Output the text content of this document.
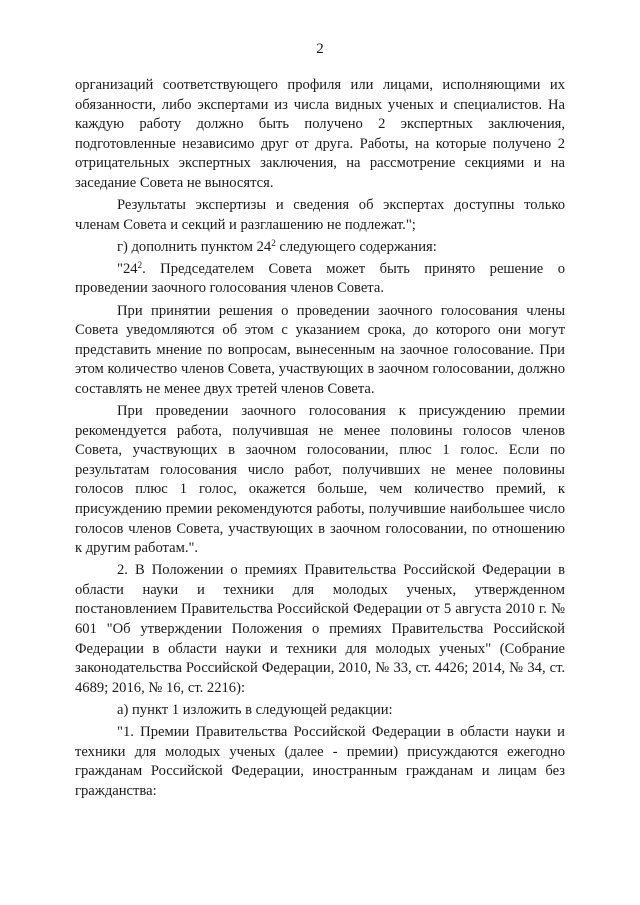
2

организаций соответствующего профиля или лицами, исполняющими их обязанности, либо экспертами из числа видных ученых и специалистов. На каждую работу должно быть получено 2 экспертных заключения, подготовленные независимо друг от друга. Работы, на которые получено 2 отрицательных экспертных заключения, на рассмотрение секциями и на заседание Совета не выносятся.

Результаты экспертизы и сведения об экспертах доступны только членам Совета и секций и разглашению не подлежат.";

г) дополнить пунктом $24^2$ следующего содержания:

"$24^2$. Председателем Совета может быть принято решение о проведении заочного голосования членов Совета.

При принятии решения о проведении заочного голосования члены Совета уведомляются об этом с указанием срока, до которого они могут представить мнение по вопросам, вынесенным на заочное голосование. При этом количество членов Совета, участвующих в заочном голосовании, должно составлять не менее двух третей членов Совета.

При проведении заочного голосования к присуждению премии рекомендуется работа, получившая не менее половины голосов членов Совета, участвующих в заочном голосовании, плюс 1 голос. Если по результатам голосования число работ, получивших не менее половины голосов плюс 1 голос, окажется больше, чем количество премий, к присуждению премии рекомендуются работы, получившие наибольшее число голосов членов Совета, участвующих в заочном голосовании, по отношению к другим работам.".

2. В Положении о премиях Правительства Российской Федерации в области науки и техники для молодых ученых, утвержденном постановлением Правительства Российской Федерации от 5 августа 2010 г. № 601 "Об утверждении Положения о премиях Правительства Российской Федерации в области науки и техники для молодых ученых" (Собрание законодательства Российской Федерации, 2010, № 33, ст. 4426; 2014, № 34, ст. 4689; 2016, № 16, ст. 2216):

а) пункт 1 изложить в следующей редакции:

"1. Премии Правительства Российской Федерации в области науки и техники для молодых ученых (далее - премии) присуждаются ежегодно гражданам Российской Федерации, иностранным гражданам и лицам без гражданства:
